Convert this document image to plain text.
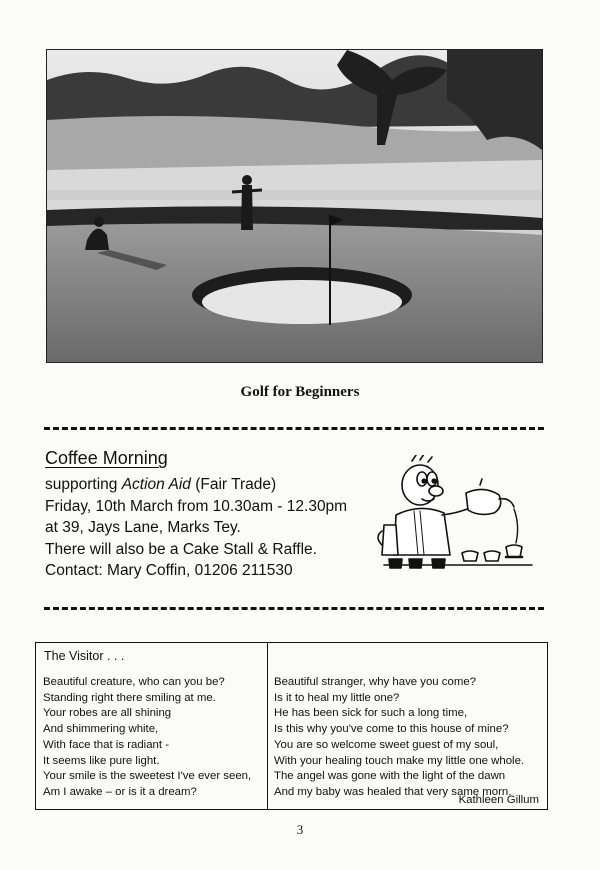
Golf for Beginners
Coffee Morning
supporting Action Aid (Fair Trade)
Friday, 10th March from 10.30am - 12.30pm
at 39, Jays Lane, Marks Tey.
There will also be a Cake Stall & Raffle.
Contact: Mary Coffin, 01206 211530
The Visitor . . .
Beautiful creature, who can you be?
Standing right there smiling at me.
Your robes are all shining
And shimmering white,
With face that is radiant -
It seems like pure light.
Your smile is the sweetest I've ever seen,
Am I awake – or is it a dream?
Beautiful stranger, why have you come?
Is it to heal my little one?
He has been sick for such a long time,
Is this why you've come to this house of mine?
You are so welcome sweet guest of my soul,
With your healing touch make my little one whole.
The angel was gone with the light of the dawn
And my baby was healed that very same morn.
Kathleen Gillum
3
